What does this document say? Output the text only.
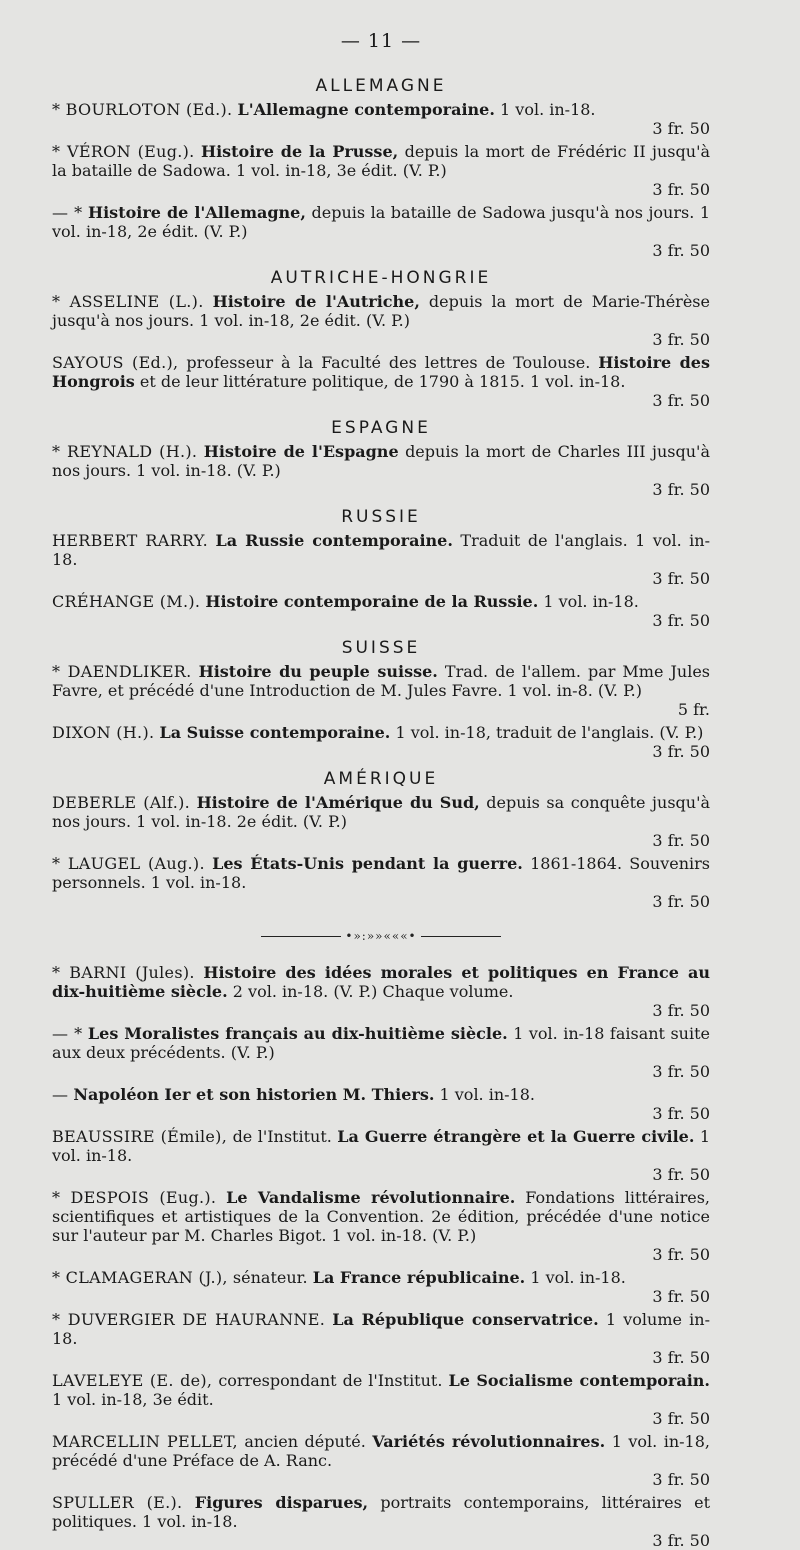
— 11 —
ALLEMAGNE

* BOURLOTON (Ed.). L'Allemagne contemporaine. 1 vol. in-18.
3 fr. 50

* VÉRON (Eug.). Histoire de la Prusse, depuis la mort de Frédéric II jusqu'à la bataille de Sadowa. 1 vol. in-18, 3e édit. (V. P.)
3 fr. 50

— * Histoire de l'Allemagne, depuis la bataille de Sadowa jusqu'à nos jours. 1 vol. in-18, 2e édit. (V. P.)
3 fr. 50

AUTRICHE-HONGRIE

* ASSELINE (L.). Histoire de l'Autriche, depuis la mort de Marie-Thérèse jusqu'à nos jours. 1 vol. in-18, 2e édit. (V. P.)
3 fr. 50

SAYOUS (Ed.), professeur à la Faculté des lettres de Toulouse. Histoire des Hongrois et de leur littérature politique, de 1790 à 1815. 1 vol. in-18.
3 fr. 50

ESPAGNE

* REYNALD (H.). Histoire de l'Espagne depuis la mort de Charles III jusqu'à nos jours. 1 vol. in-18. (V. P.)
3 fr. 50

RUSSIE

HERBERT RARRY. La Russie contemporaine. Traduit de l'anglais. 1 vol. in-18.
3 fr. 50

CRÉHANGE (M.). Histoire contemporaine de la Russie. 1 vol. in-18.
3 fr. 50

SUISSE

* DAENDLIKER. Histoire du peuple suisse. Trad. de l'allem. par Mme Jules Favre, et précédé d'une Introduction de M. Jules Favre. 1 vol. in-8. (V. P.)
5 fr.

DIXON (H.). La Suisse contemporaine. 1 vol. in-18, traduit de l'anglais. (V. P.)
3 fr. 50

AMÉRIQUE

DEBERLE (Alf.). Histoire de l'Amérique du Sud, depuis sa conquête jusqu'à nos jours. 1 vol. in-18. 2e édit. (V. P.)
3 fr. 50

* LAUGEL (Aug.). Les États-Unis pendant la guerre. 1861-1864. Souvenirs personnels. 1 vol. in-18.
3 fr. 50

•»:»»«««•

* BARNI (Jules). Histoire des idées morales et politiques en France au dix-huitième siècle. 2 vol. in-18. (V. P.) Chaque volume.
3 fr. 50

— * Les Moralistes français au dix-huitième siècle. 1 vol. in-18 faisant suite aux deux précédents. (V. P.)
3 fr. 50

— Napoléon Ier et son historien M. Thiers. 1 vol. in-18.
3 fr. 50

BEAUSSIRE (Émile), de l'Institut. La Guerre étrangère et la Guerre civile. 1 vol. in-18.
3 fr. 50

* DESPOIS (Eug.). Le Vandalisme révolutionnaire. Fondations littéraires, scientifiques et artistiques de la Convention. 2e édition, précédée d'une notice sur l'auteur par M. Charles Bigot. 1 vol. in-18. (V. P.)
3 fr. 50

* CLAMAGERAN (J.), sénateur. La France républicaine. 1 vol. in-18.
3 fr. 50

* DUVERGIER DE HAURANNE. La République conservatrice. 1 volume in-18.
3 fr. 50

LAVELEYE (E. de), correspondant de l'Institut. Le Socialisme contemporain. 1 vol. in-18, 3e édit.
3 fr. 50

MARCELLIN PELLET, ancien député. Variétés révolutionnaires. 1 vol. in-18, précédé d'une Préface de A. Ranc.
3 fr. 50

SPULLER (E.). Figures disparues, portraits contemporains, littéraires et politiques. 1 vol. in-18.
3 fr. 50
